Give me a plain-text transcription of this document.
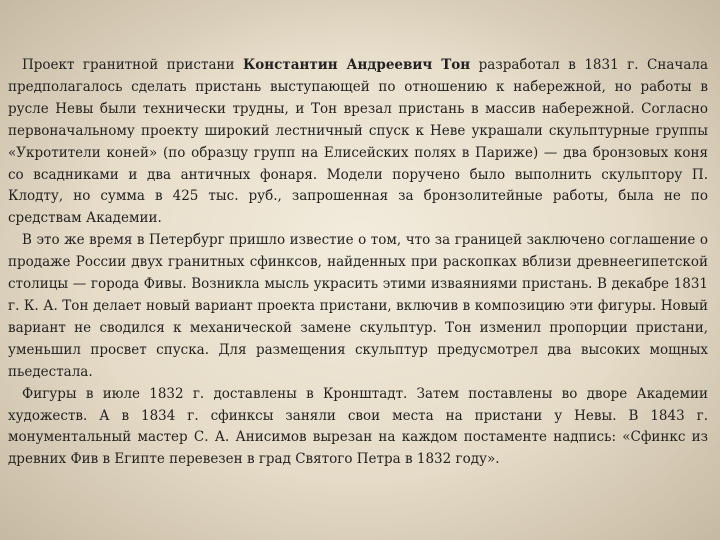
Проект гранитной пристани Константин Андреевич Тон разработал в 1831 г. Сначала предполагалось сделать пристань выступающей по отношению к набережной, но работы в русле Невы были технически трудны, и Тон врезал пристань в массив набережной. Согласно первоначальному проекту широкий лестничный спуск к Неве украшали скульптурные группы «Укротители коней» (по образцу групп на Елисейских полях в Париже) — два бронзовых коня со всадниками и два античных фонаря. Модели поручено было выполнить скульптору П. Клодту, но сумма в 425 тыс. руб., запрошенная за бронзолитейные работы, была не по средствам Академии.

В это же время в Петербург пришло известие о том, что за границей заключено соглашение о продаже России двух гранитных сфинксов, найденных при раскопках вблизи древнеегипетской столицы — города Фивы. Возникла мысль украсить этими изваяниями пристань. В декабре 1831 г. К. А. Тон делает новый вариант проекта пристани, включив в композицию эти фигуры. Новый вариант не сводился к механической замене скульптур. Тон изменил пропорции пристани, уменьшил просвет спуска. Для размещения скульптур предусмотрел два высоких мощных пьедестала.

Фигуры в июле 1832 г. доставлены в Кронштадт. Затем поставлены во дворе Академии художеств. А в 1834 г. сфинксы заняли свои места на пристани у Невы. В 1843 г. монументальный мастер С. А. Анисимов вырезан на каждом постаменте надпись: «Сфинкс из древних Фив в Египте перевезен в град Святого Петра в 1832 году».
